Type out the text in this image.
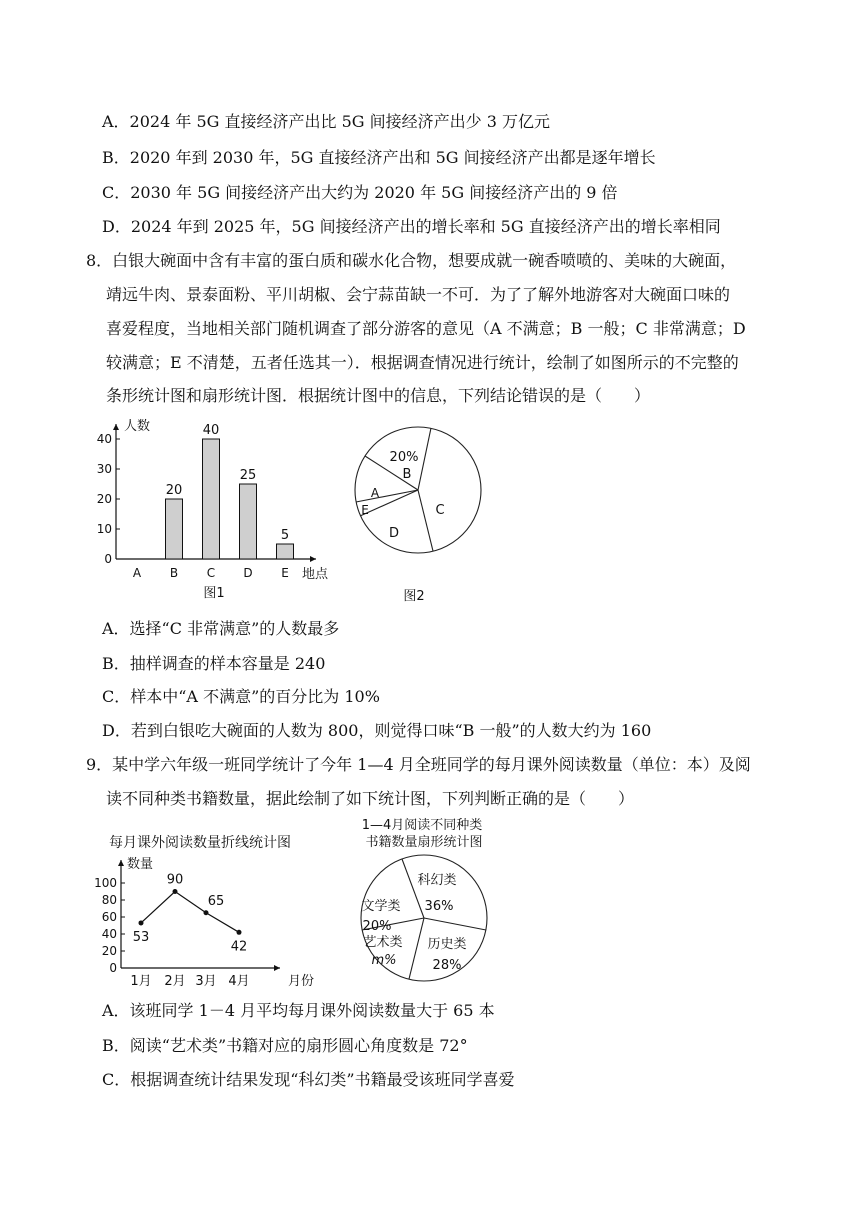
A．2024 年 5G 直接经济产出比 5G 间接经济产出少 3 万亿元
B．2020 年到 2030 年，5G 直接经济产出和 5G 间接经济产出都是逐年增长
C．2030 年 5G 间接经济产出大约为 2020 年 5G 间接经济产出的 9 倍
D．2024 年到 2025 年，5G 间接经济产出的增长率和 5G 直接经济产出的增长率相同
8．白银大碗面中含有丰富的蛋白质和碳水化合物，想要成就一碗香喷喷的、美味的大碗面，
靖远牛肉、景泰面粉、平川胡椒、会宁蒜苗缺一不可．为了了解外地游客对大碗面口味的
喜爱程度，当地相关部门随机调查了部分游客的意见（A 不满意；B 一般；C 非常满意；D
较满意；E 不清楚，五者任选其一）．根据调查情况进行统计，绘制了如图所示的不完整的
条形统计图和扇形统计图．根据统计图中的信息，下列结论错误的是（　　）
人数
地点
0
10
20
30
40
A B
20
C
40
D
25
E
5
图1
20%
B
C
D
E
A
图2
A．选择“C 非常满意”的人数最多
B．抽样调查的样本容量是 240
C．样本中“A 不满意”的百分比为 10%
D．若到白银吃大碗面的人数为 800，则觉得口味“B 一般”的人数大约为 160
9．某中学六年级一班同学统计了今年 1—4 月全班同学的每月课外阅读数量（单位：本）及阅
读不同种类书籍数量，据此绘制了如下统计图，下列判断正确的是（　　）
每月课外阅读数量折线统计图
数量
月份
0
20
40
60
80
100
53
1月
90
2月
65
3月
42
4月
1—4月阅读不同种类
书籍数量扇形统计图
科幻类
36%
历史类
28%
艺术类
m%
文学类
20%
A．该班同学 1－4 月平均每月课外阅读数量大于 65 本
B．阅读“艺术类”书籍对应的扇形圆心角度数是 72°
C．根据调查统计结果发现“科幻类”书籍最受该班同学喜爱
